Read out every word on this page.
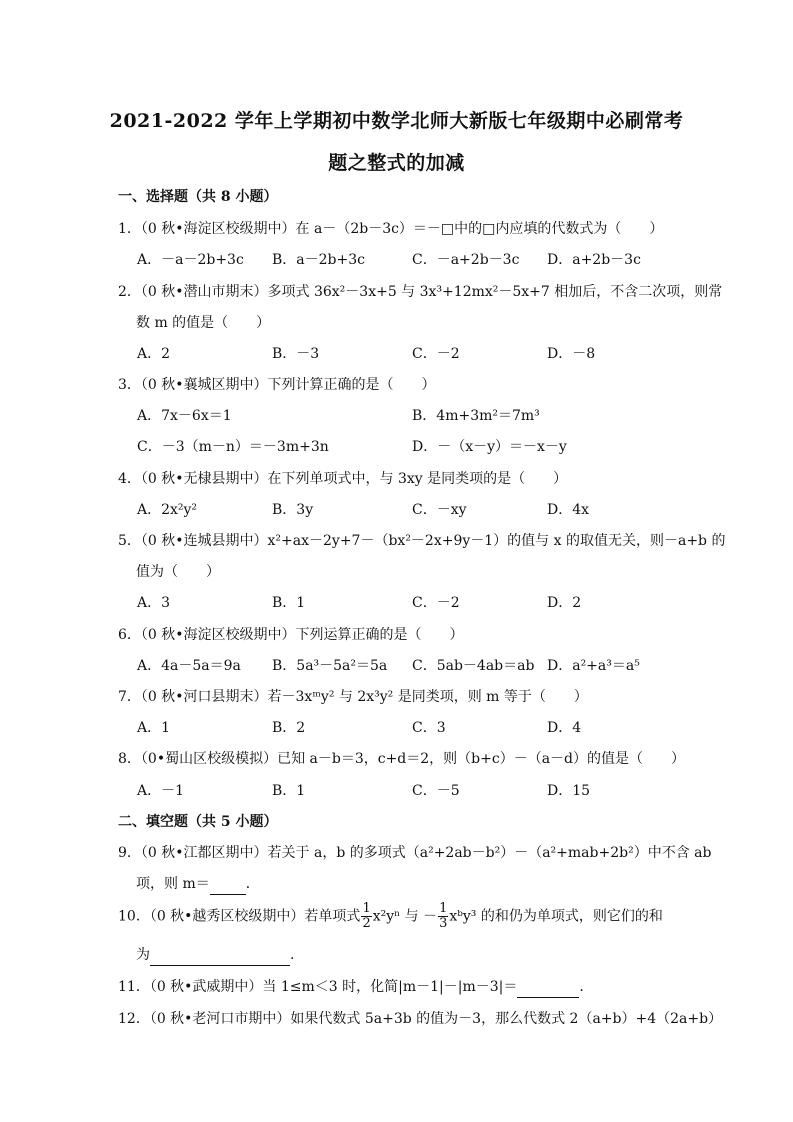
2021-2022 学年上学期初中数学北师大新版七年级期中必刷常考
题之整式的加减
一、选择题（共 8 小题）
1．（0 秋•海淀区校级期中）在 a－（2b－3c）＝－□中的□内应填的代数式为（　　）
A．－a－2b+3c B．a－2b+3c	C．－a+2b－3c D．a+2b－3c
2．（0 秋•潜山市期末）多项式 36x²－3x+5 与 3x³+12mx²－5x+7 相加后，不含二次项，则常
数 m 的值是（　　）
A．2	B．－3	C．－2	D．－8
3．（0 秋•襄城区期中）下列计算正确的是（　　）
A．7x－6x＝1	B．4m+3m²＝7m³
C．－3（m－n）＝－3m+3n	D．－（x－y）＝－x－y
4．（0 秋•无棣县期中）在下列单项式中，与 3xy 是同类项的是（　　）
A．2x²y²	B．3y	C．－xy	D．4x
5．（0 秋•连城县期中）x²+ax－2y+7－（bx²－2x+9y－1）的值与 x 的取值无关，则－a+b 的
值为（　　）
A．3	B．1	C．－2	D．2
6．（0 秋•海淀区校级期中）下列运算正确的是（　　）
A．4a－5a＝9a B．5a³－5a²＝5a C．5ab－4ab＝ab D．a²+a³＝a⁵
7．（0 秋•河口县期末）若－3xᵐy² 与 2x³y² 是同类项，则 m 等于（　　）
A．1	B．2	C．3	D．4
8．（0•蜀山区校级模拟）已知 a－b＝3，c+d＝2，则（b+c）－（a－d）的值是（　　）
A．－1	B．1	C．－5	D．15
二、填空题（共 5 小题）
9．（0 秋•江都区期中）若关于 a，b 的多项式（a²+2ab－b²）－（a²+mab+2b²）中不含 ab
项，则 m＝	．
10．（0 秋•越秀区校级期中）若单项式 $\frac{1}{2} x^2y^n$ 与 － $\frac{1}{3}$ xᵇy³ 的和仍为单项式，则它们的和
为	．
11．（0 秋•武威期中）当 1≤m＜3 时，化简|m－1|－|m－3|＝	．
12．（0 秋•老河口市期中）如果代数式 5a+3b 的值为－3，那么代数式 2（a+b）+4（2a+b）
